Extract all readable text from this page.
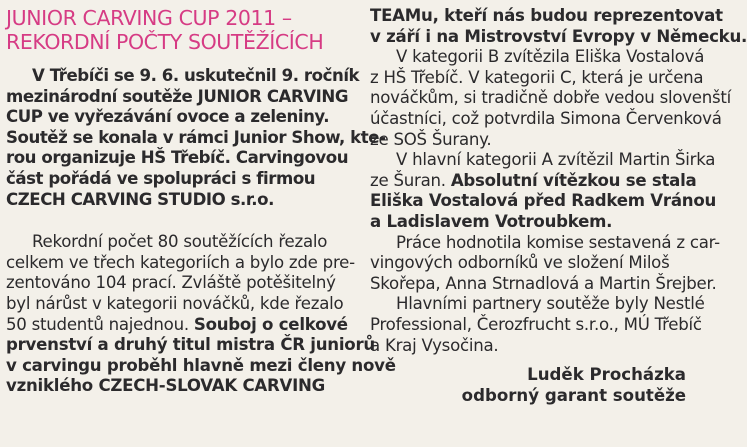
JUNIOR CARVING CUP 2011 –
REKORDNÍ POČTY SOUTĚŽÍCÍCH

V Třebíči se 9. 6. uskutečnil 9. ročník
mezinárodní soutěže JUNIOR CARVING
CUP ve vyřezávání ovoce a zeleniny.
Soutěž se konala v rámci Junior Show, kte-
rou organizuje HŠ Třebíč. Carvingovou
část pořádá ve spolupráci s firmou
CZECH CARVING STUDIO s.r.o.

Rekordní počet 80 soutěžících řezalo
celkem ve třech kategoriích a bylo zde pre-
zentováno 104 prací. Zvláště potěšitelný
byl nárůst v kategorii nováčků, kde řezalo
50 studentů najednou. Souboj o celkové
prvenství a druhý titul mistra ČR juniorů
v carvingu proběhl hlavně mezi členy nově
vzniklého CZECH-SLOVAK CARVING

TEAMu, kteří nás budou reprezentovat
v září i na Mistrovství Evropy v Německu.

V kategorii B zvítězila Eliška Vostalová
z HŠ Třebíč. V kategorii C, která je určena
nováčkům, si tradičně dobře vedou slovenští
účastníci, což potvrdila Simona Červenková
ze SOŠ Šurany.

V hlavní kategorii A zvítězil Martin Širka
ze Šuran. Absolutní vítězkou se stala
Eliška Vostalová před Radkem Vránou
a Ladislavem Votroubkem.

Práce hodnotila komise sestavená z car-
vingových odborníků ve složení Miloš
Skořepa, Anna Strnadlová a Martin Šrejber.

Hlavními partnery soutěže byly Nestlé
Professional, Čerozfrucht s.r.o., MÚ Třebíč
a Kraj Vysočina.

Luděk Procházka
odborný garant soutěže
